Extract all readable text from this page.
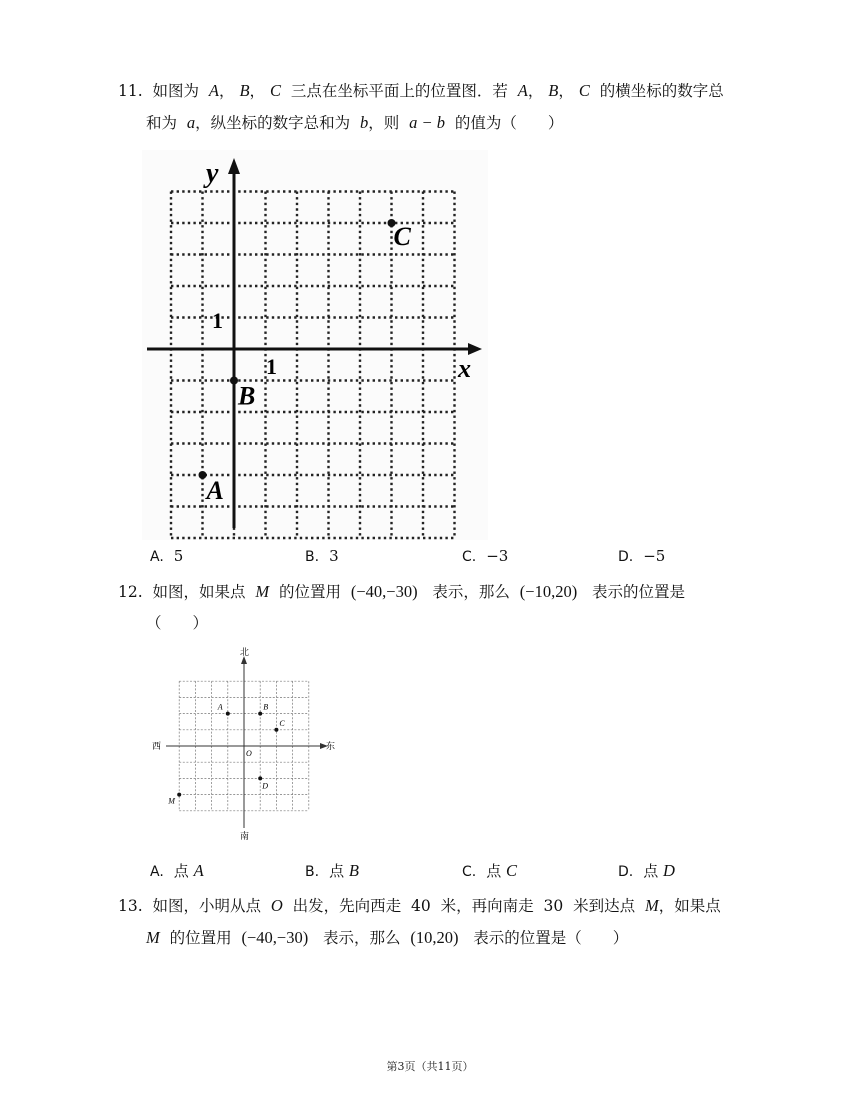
11. 如图为 A， B， C 三点在坐标平面上的位置图．若 A， B， C 的横坐标的数字总
和为 a，纵坐标的数字总和为 b，则 a − b 的值为（　　）
A
B
C
x
y
1
1
A. 5	B. 3	C. −3	D. −5
12. 如图，如果点 M 的位置用 (−40,−30) 表示，那么 (−10,20) 表示的位置是
（　　）
A	B
C
D
M
北
南
西	东
O
A. 点 A	B. 点 B	C. 点 C	D. 点 D
13. 如图，小明从点 O 出发，先向西走 40 米，再向南走 30 米到达点 M，如果点
M 的位置用 (−40,−30) 表示，那么 (10,20) 表示的位置是（　　）
第3页（共11页）
